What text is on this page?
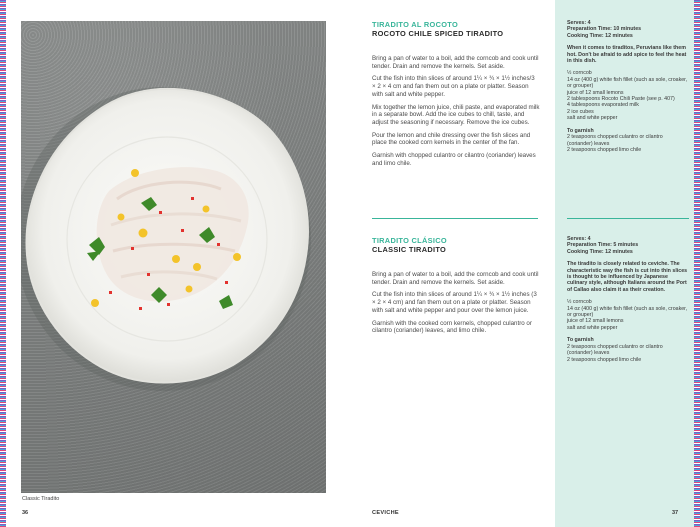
Classic Tiradito
36
TIRADITO AL ROCOTO
ROCOTO CHILE SPICED TIRADITO

Bring a pan of water to a boil, add the corncob and cook until tender. Drain and remove the kernels. Set aside.

Cut the fish into thin slices of around 1¼ × ¾ × 1½ inches/3 × 2 × 4 cm and fan them out on a plate or platter. Season with salt and white pepper.

Mix together the lemon juice, chili paste, and evaporated milk in a separate bowl. Add the ice cubes to chill, taste, and adjust the seasoning if necessary. Remove the ice cubes.

Pour the lemon and chile dressing over the fish slices and place the cooked corn kernels in the center of the fan.

Garnish with chopped culantro or cilantro (coriander) leaves and limo chile.

TIRADITO CLÁSICO
CLASSIC TIRADITO

Bring a pan of water to a boil, add the corncob and cook until tender. Drain and remove the kernels. Set aside.

Cut the fish into thin slices of around 1¼ × ¾ × 1½ inches (3 × 2 × 4 cm) and fan them out on a plate or platter. Season with salt and white pepper and pour over the lemon juice.

Garnish with the cooked corn kernels, chopped culantro or cilantro (coriander) leaves, and limo chile.

CEVICHE

Serves: 4

Preparation Time: 10 minutes

Cooking Time: 12 minutes

When it comes to tiraditos, Peruvians like them hot. Don't be afraid to add spice to feel the heat in this dish.

½ corncob

14 oz (400 g) white fish fillet (such as sole, croaker, or grouper)

juice of 12 small lemons

2 tablespoons Rocoto Chili Paste (see p. 407)

4 tablespoons evaporated milk

2 ice cubes

salt and white pepper

To garnish

2 teaspoons chopped culantro or cilantro (coriander) leaves

2 teaspoons chopped limo chile

Serves: 4

Preparation Time: 5 minutes

Cooking Time: 12 minutes

The tiradito is closely related to ceviche. The characteristic way the fish is cut into thin slices is thought to be influenced by Japanese culinary style, although Italians around the Port of Callao also claim it as their creation.

½ corncob

14 oz (400 g) white fish fillet (such as sole, croaker, or grouper)

juice of 12 small lemons

salt and white pepper

To garnish

2 teaspoons chopped culantro or cilantro (coriander) leaves

2 teaspoons chopped limo chile

37
